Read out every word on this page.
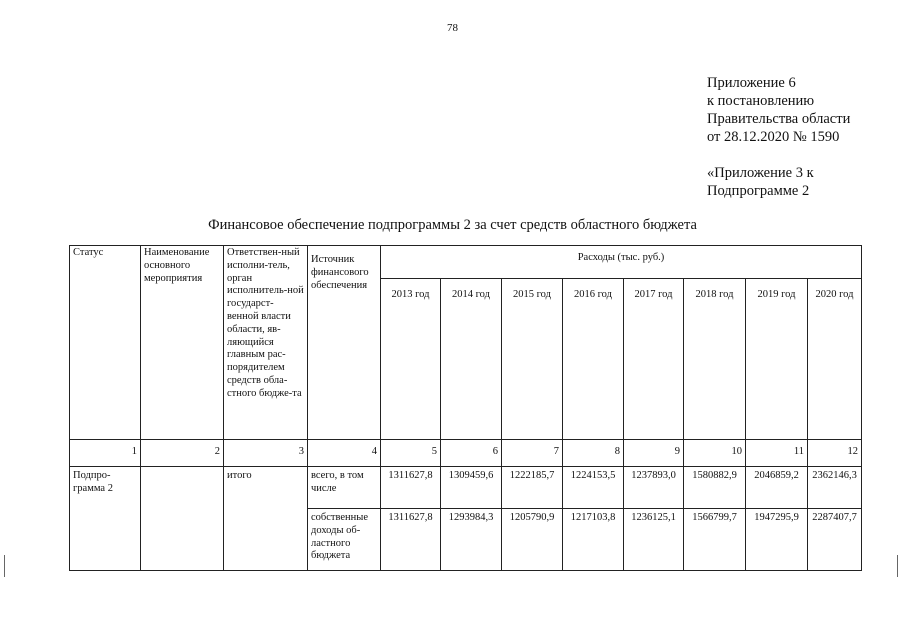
78
Приложение 6
к постановлению
Правительства области
от 28.12.2020 № 1590
«Приложение 3 к
Подпрограмме 2
Финансовое обеспечение подпрограммы 2 за счет средств областного бюджета
Статус	Наименование основного мероприятия	Ответствен-ный исполни-тель, орган исполнитель-ной государст-венной власти области, яв-ляющийся главным рас-порядителем средств обла-стного бюдже-та	Источник финансового обеспечения	Расходы (тыс. руб.)							
				2013 год	2014 год	2015 год	2016 год	2017 год	2018 год	2019 год	2020 год
1	2	3	4	5	6	7	8	9	10	11	12
Подпро-грамма 2		итого	всего, в том числе	1311627,8	1309459,6	1222185,7	1224153,5	1237893,0	1580882,9	2046859,2	2362146,3
			собственные доходы об-ластного бюджета	1311627,8	1293984,3	1205790,9	1217103,8	1236125,1	1566799,7	1947295,9	2287407,7
